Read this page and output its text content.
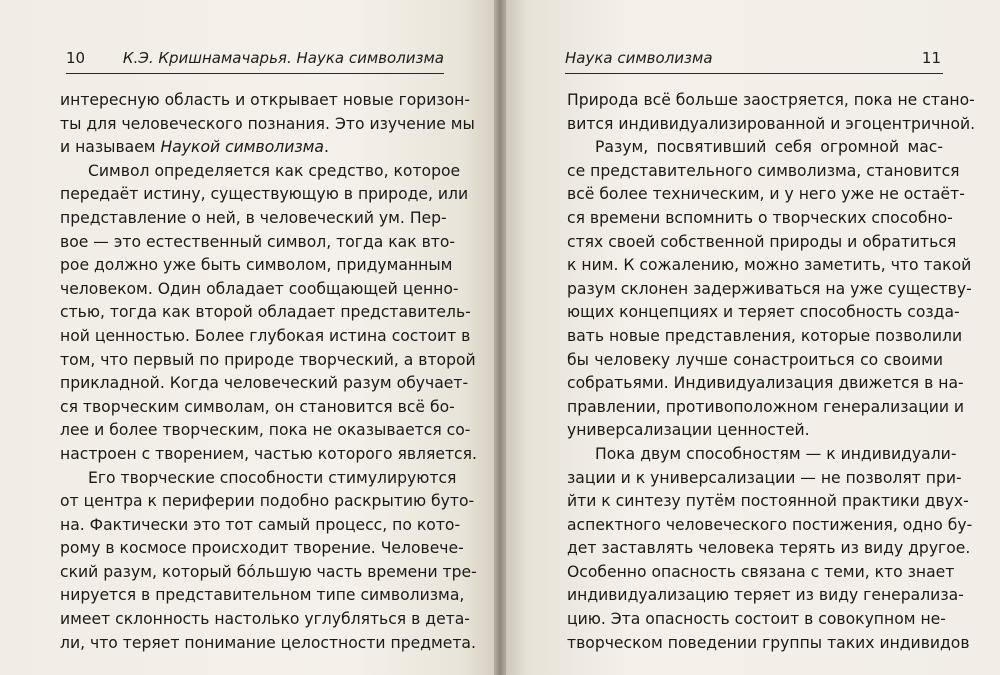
10	К.Э. Кришнамачарья. Наука символизма
интересную область и открывает новые горизон-
ты для человеческого познания. Это изучение мы
и называем Наукой символизма.
Символ определяется как средство, которое
передаёт истину, существующую в природе, или
представление о ней, в человеческий ум. Пер-
вое — это естественный символ, тогда как вто-
рое должно уже быть символом, придуманным
человеком. Один обладает сообщающей ценно-
стью, тогда как второй обладает представитель-
ной ценностью. Более глубокая истина состоит в
том, что первый по природе творческий, а второй
прикладной. Когда человеческий разум обучает-
ся творческим символам, он становится всё бо-
лее и более творческим, пока не оказывается со-
настроен с творением, частью которого является.
Его творческие способности стимулируются
от центра к периферии подобно раскрытию буто-
на. Фактически это тот самый процесс, по кото-
рому в космосе происходит творение. Человече-
ский разум, который бóльшую часть времени тре-
нируется в представительном типе символизма,
имеет склонность настолько углубляться в дета-
ли, что теряет понимание целостности предмета.
Наука символизма	11
Природа всё больше заостряется, пока не стано-
вится индивидуализированной и эгоцентричной.
Разум, посвятивший себя огромной мас-
се представительного символизма, становится
всё более техническим, и у него уже не остаёт-
ся времени вспомнить о творческих способно-
стях своей собственной природы и обратиться
к ним. К сожалению, можно заметить, что такой
разум склонен задерживаться на уже существу-
ющих концепциях и теряет способность созда-
вать новые представления, которые позволили
бы человеку лучше сонастроиться со своими
собратьями. Индивидуализация движется в на-
правлении, противоположном генерализации и
универсализации ценностей.
Пока двум способностям — к индивидуали-
зации и к универсализации — не позволят при-
йти к синтезу путём постоянной практики двух-
аспектного человеческого постижения, одно бу-
дет заставлять человека терять из виду другое.
Особенно опасность связана с теми, кто знает
индивидуализацию теряет из виду генерализа-
цию. Эта опасность состоит в совокупном не-
творческом поведении группы таких индивидов
